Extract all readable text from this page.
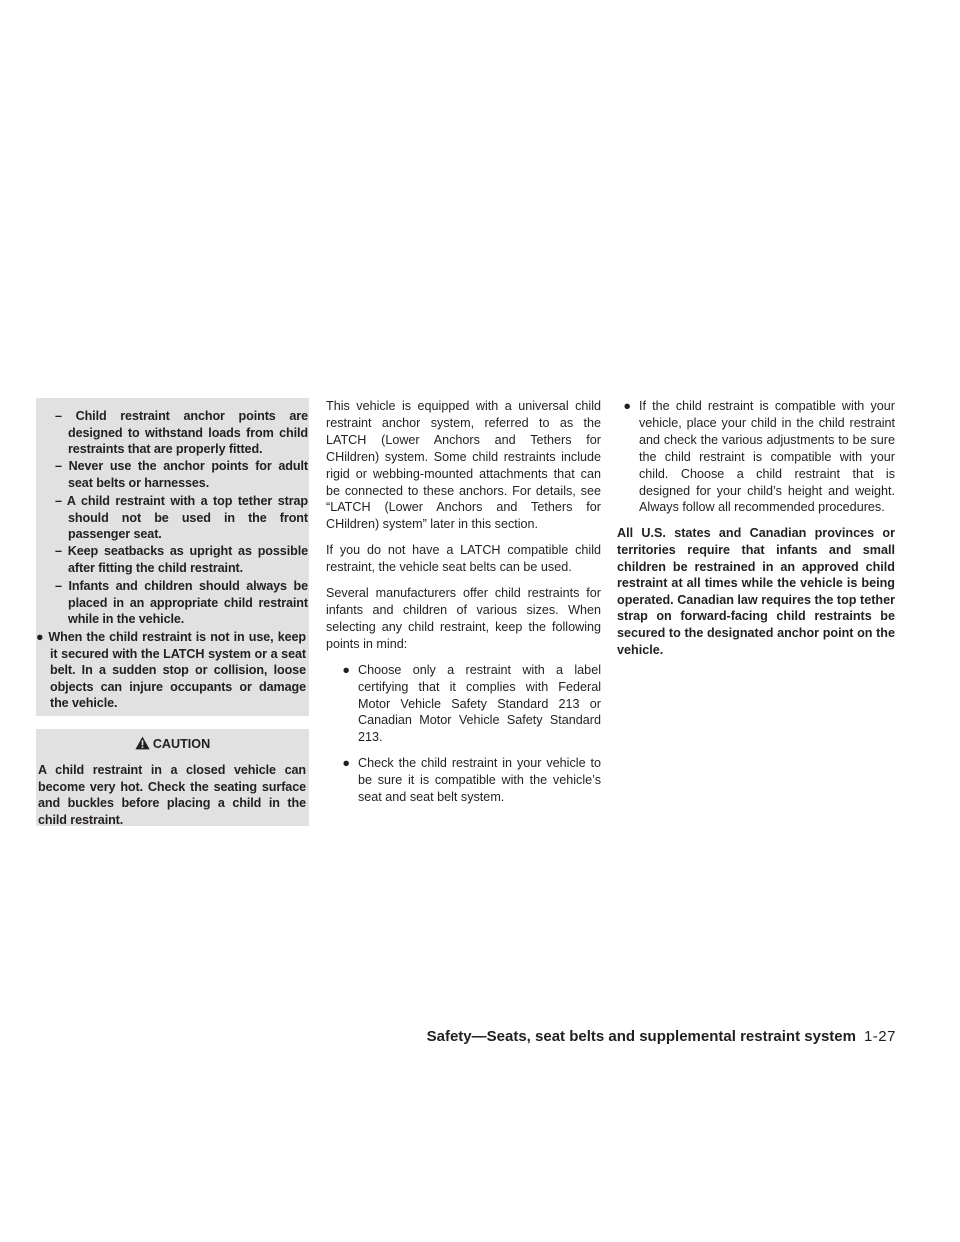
– Child restraint anchor points are designed to withstand loads from child restraints that are properly fitted.
– Never use the anchor points for adult seat belts or harnesses.
– A child restraint with a top tether strap should not be used in the front passenger seat.
– Keep seatbacks as upright as possible after fitting the child restraint.
– Infants and children should always be placed in an appropriate child restraint while in the vehicle.
● When the child restraint is not in use, keep it secured with the LATCH system or a seat belt. In a sudden stop or collision, loose objects can injure occupants or damage the vehicle.
CAUTION
A child restraint in a closed vehicle can become very hot. Check the seating surface and buckles before placing a child in the child restraint.

This vehicle is equipped with a universal child restraint anchor system, referred to as the LATCH (Lower Anchors and Tethers for CHildren) system. Some child restraints include rigid or webbing-mounted attachments that can be connected to these anchors. For details, see “LATCH (Lower Anchors and Tethers for CHildren) system” later in this section.

If you do not have a LATCH compatible child restraint, the vehicle seat belts can be used.

Several manufacturers offer child restraints for infants and children of various sizes. When selecting any child restraint, keep the following points in mind:

● Choose only a restraint with a label certifying that it complies with Federal Motor Vehicle Safety Standard 213 or Canadian Motor Vehicle Safety Standard 213.
● Check the child restraint in your vehicle to be sure it is compatible with the vehicle’s seat and seat belt system.
● If the child restraint is compatible with your vehicle, place your child in the child restraint and check the various adjustments to be sure the child restraint is compatible with your child. Choose a child restraint that is designed for your child’s height and weight. Always follow all recommended procedures.

All U.S. states and Canadian provinces or territories require that infants and small children be restrained in an approved child restraint at all times while the vehicle is being operated. Canadian law requires the top tether strap on forward-facing child restraints be secured to the designated anchor point on the vehicle.

Safety—Seats, seat belts and supplemental restraint system 1-27
